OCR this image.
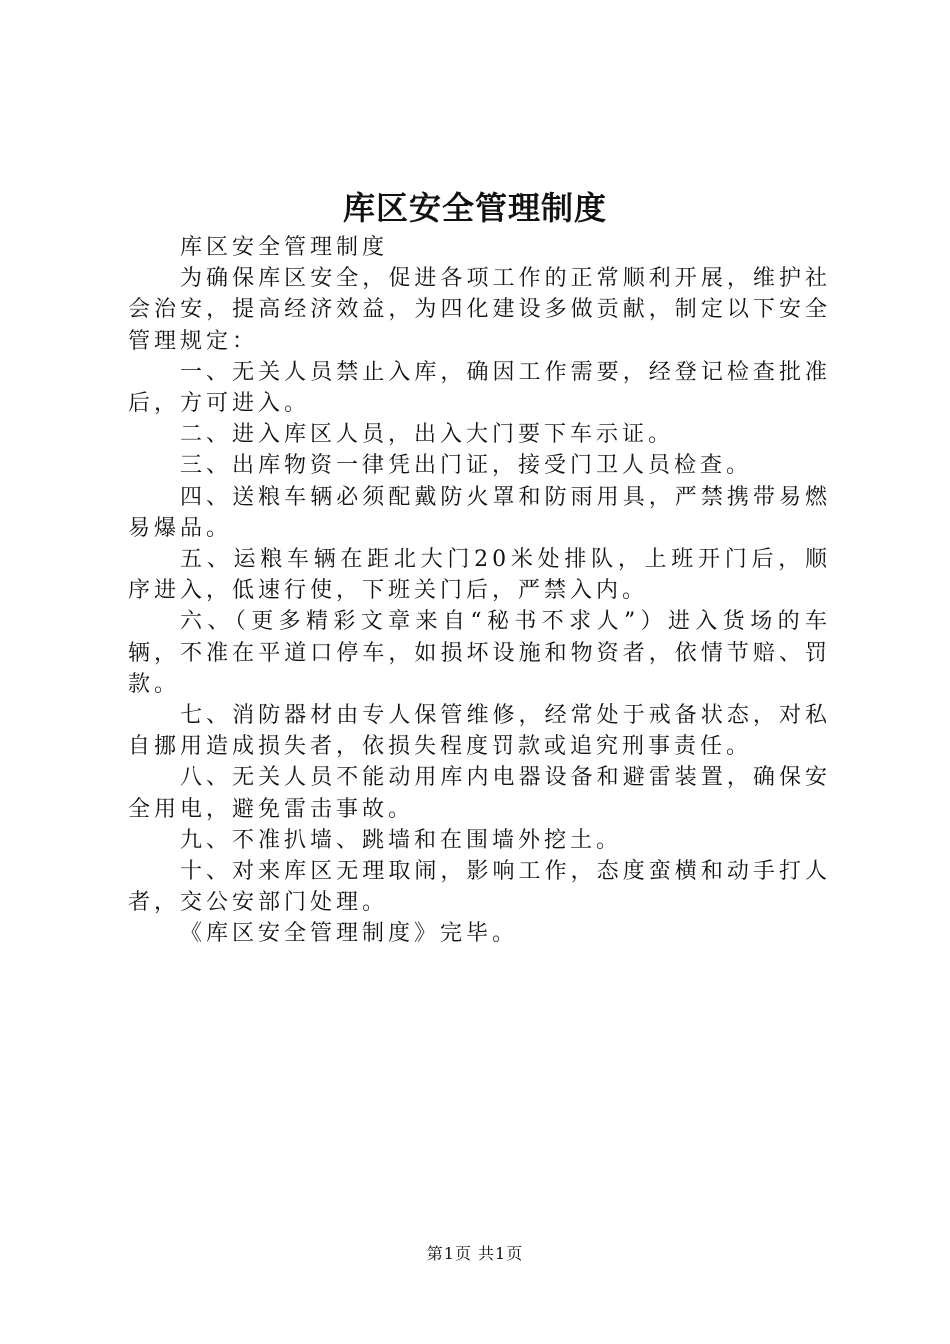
库区安全管理制度

库区安全管理制度

为确保库区安全，促进各项工作的正常顺利开展，维护社会治安，提高经济效益，为四化建设多做贡献，制定以下安全管理规定：

一、无关人员禁止入库，确因工作需要，经登记检查批准后，方可进入。

二、进入库区人员，出入大门要下车示证。

三、出库物资一律凭出门证，接受门卫人员检查。

四、送粮车辆必须配戴防火罩和防雨用具，严禁携带易燃易爆品。

五、运粮车辆在距北大门20米处排队，上班开门后，顺序进入，低速行使，下班关门后，严禁入内。

六、（更多精彩文章来自“秘书不求人”）进入货场的车辆，不准在平道口停车，如损坏设施和物资者，依情节赔、罚款。

七、消防器材由专人保管维修，经常处于戒备状态，对私自挪用造成损失者，依损失程度罚款或追究刑事责任。

八、无关人员不能动用库内电器设备和避雷装置，确保安全用电，避免雷击事故。

九、不准扒墙、跳墙和在围墙外挖土。

十、对来库区无理取闹，影响工作，态度蛮横和动手打人者，交公安部门处理。

《库区安全管理制度》完毕。

第1页 共1页
